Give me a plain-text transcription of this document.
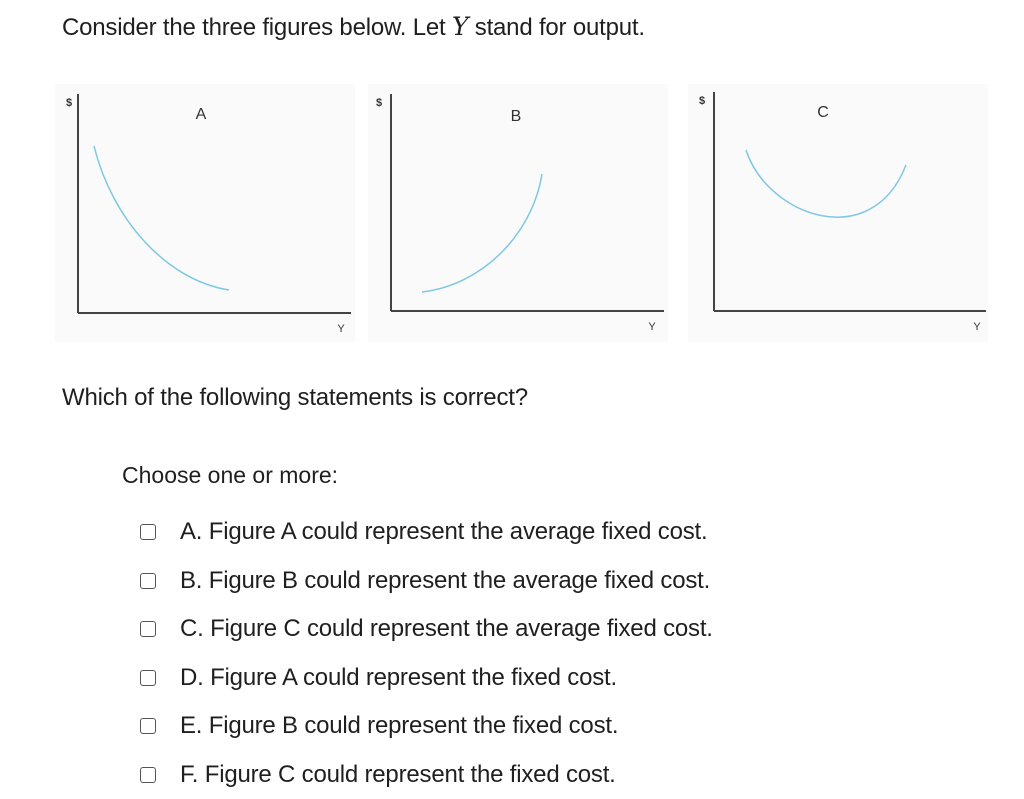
Consider the three figures below. Let Y stand for output.
$
A
Y
$
B
Y
$
C
Y
Which of the following statements is correct?
Choose one or more:
A. Figure A could represent the average fixed cost.
B. Figure B could represent the average fixed cost.
C. Figure C could represent the average fixed cost.
D. Figure A could represent the fixed cost.
E. Figure B could represent the fixed cost.
F. Figure C could represent the fixed cost.
